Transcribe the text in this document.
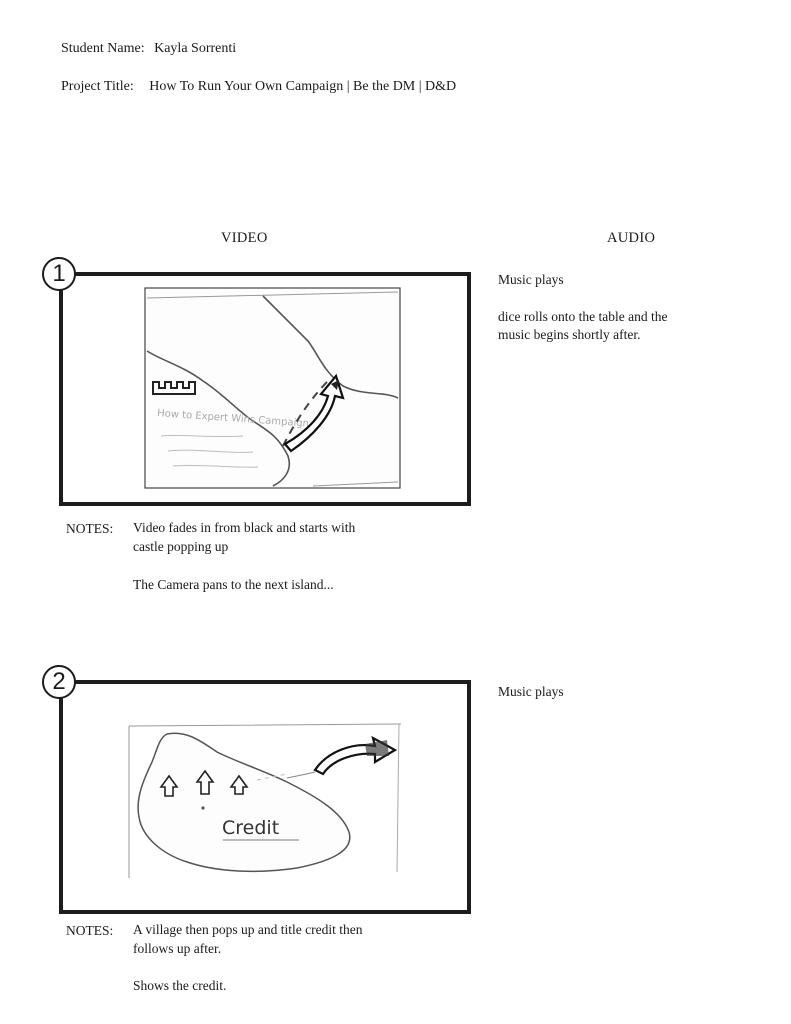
Student Name: Kayla Sorrenti
Project Title: How To Run Your Own Campaign | Be the DM | D&D
VIDEO	AUDIO
How to Expert Wins Campaign
1
NOTES: Video fades in from black and starts with
castle popping up
The Camera pans to the next island...
Music plays
dice rolls onto the table and the
music begins shortly after.
Credit
2
NOTES: A village then pops up and title credit then
follows up after.
Shows the credit.
Music plays
